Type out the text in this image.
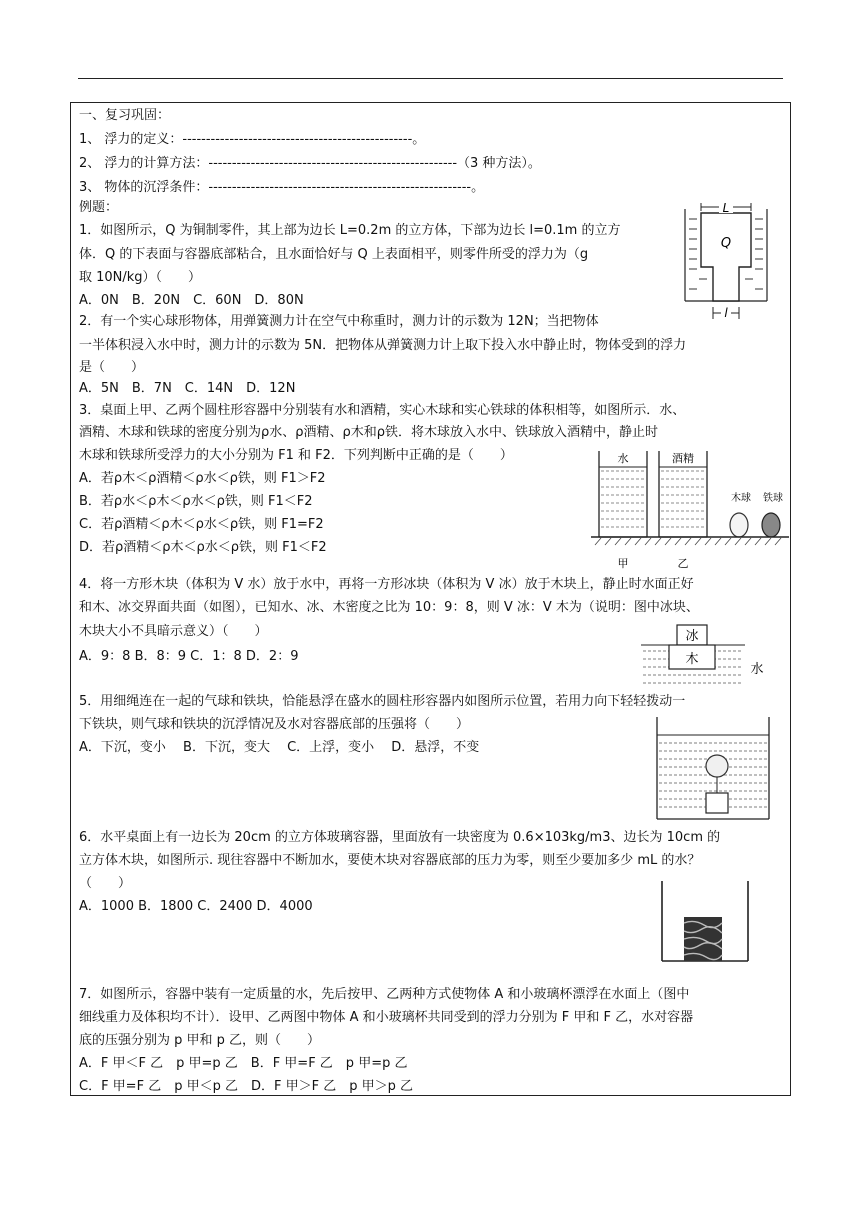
一、复习巩固：
1、 浮力的定义：-------------------------------------------------。
2、 浮力的计算方法：-----------------------------------------------------（3 种方法）。
3、 物体的沉浮条件：--------------------------------------------------------。
例题：
1．如图所示，Q 为铜制零件，其上部为边长 L=0.2m 的立方体，下部为边长 l=0.1m 的立方
体．Q 的下表面与容器底部粘合，且水面恰好与 Q 上表面相平，则零件所受的浮力为（g
取 10N/kg）（　　）
A．0N　B．20N　C．60N　D．80N
Q
L
l
2．有一个实心球形物体，用弹簧测力计在空气中称重时，测力计的示数为 12N；当把物体
一半体积浸入水中时，测力计的示数为 5N．把物体从弹簧测力计上取下投入水中静止时，物体受到的浮力
是（　　）
A．5N　B．7N　C．14N　D．12N
3．桌面上甲、乙两个圆柱形容器中分别装有水和酒精，实心木球和实心铁球的体积相等，如图所示．水、
酒精、木球和铁球的密度分别为ρ水、ρ酒精、ρ木和ρ铁．将木球放入水中、铁球放入酒精中，静止时
木球和铁球所受浮力的大小分别为 F1 和 F2．下列判断中正确的是（　　）
A．若ρ木＜ρ酒精＜ρ水＜ρ铁，则 F1＞F2
B．若ρ水＜ρ木＜ρ水＜ρ铁，则 F1＜F2
C．若ρ酒精＜ρ木＜ρ水＜ρ铁，则 F1=F2
D．若ρ酒精＜ρ木＜ρ水＜ρ铁，则 F1＜F2
水	酒精
木球 铁球
甲	乙
4．将一方形木块（体积为 V 水）放于水中，再将一方形冰块（体积为 V 冰）放于木块上，静止时水面正好
和木、冰交界面共面（如图），已知水、冰、木密度之比为 10：9：8，则 V 冰：V 木为（说明：图中冰块、
木块大小不具暗示意义）（　　）
A．9：8 B．8：9 C．1：8 D．2：9
冰
木
水
5．用细绳连在一起的气球和铁块，恰能悬浮在盛水的圆柱形容器内如图所示位置，若用力向下轻轻拨动一
下铁块，则气球和铁块的沉浮情况及水对容器底部的压强将（　　）
A．下沉，变小　 B．下沉，变大　 C．上浮，变小　 D．悬浮，不变
6．水平桌面上有一边长为 20cm 的立方体玻璃容器，里面放有一块密度为 0.6×103kg/m3、边长为 10cm 的
立方体木块，如图所示. 现往容器中不断加水，要使木块对容器底部的压力为零，则至少要加多少 mL 的水？
（　　）
A．1000 B．1800 C．2400 D．4000
7．如图所示，容器中装有一定质量的水，先后按甲、乙两种方式使物体 A 和小玻璃杯漂浮在水面上（图中
细线重力及体积均不计）．设甲、乙两图中物体 A 和小玻璃杯共同受到的浮力分别为 F 甲和 F 乙，水对容器
底的压强分别为 p 甲和 p 乙，则（　　）
A．F 甲＜F 乙　p 甲=p 乙　B．F 甲=F 乙　p 甲=p 乙
C．F 甲=F 乙　p 甲＜p 乙　D．F 甲＞F 乙　p 甲＞p 乙
